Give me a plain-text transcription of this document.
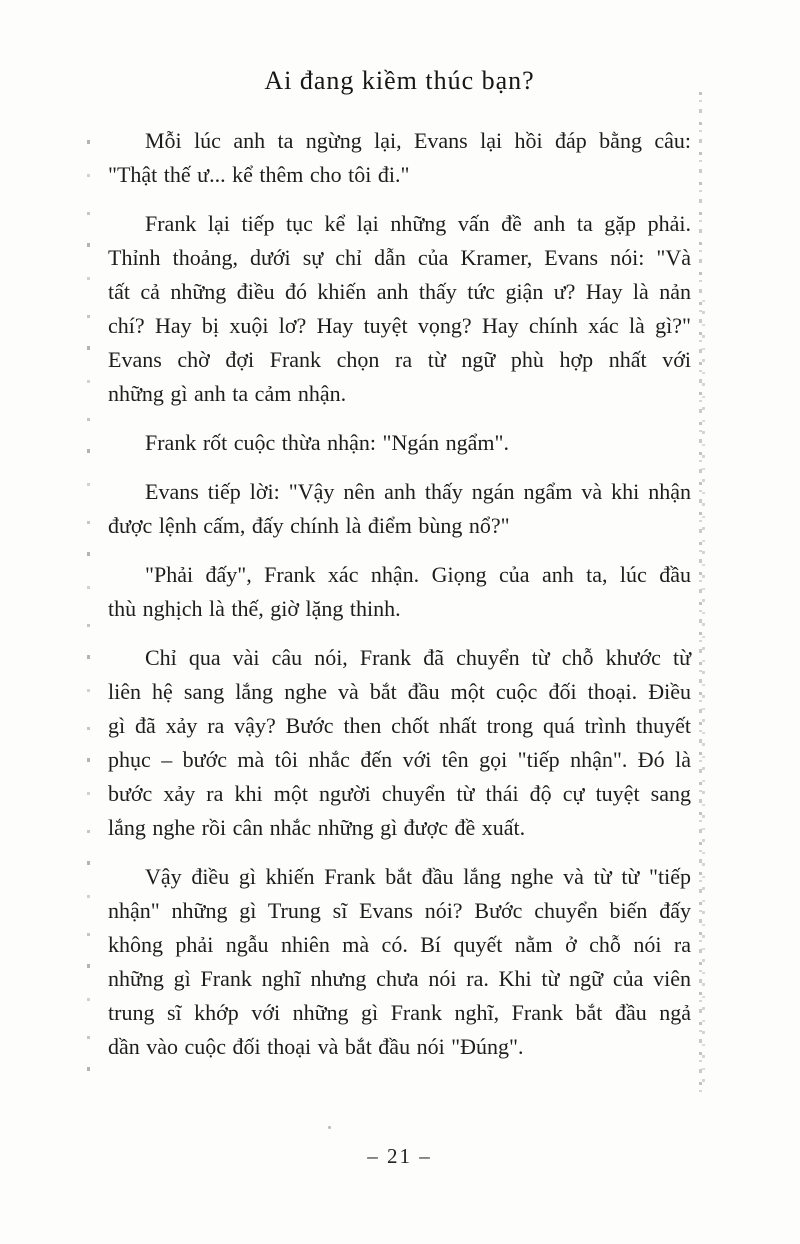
Ai đang kiềm thúc bạn?
Mỗi lúc anh ta ngừng lại, Evans lại hồi đáp bằng câu:
"Thật thế ư... kể thêm cho tôi đi."
Frank lại tiếp tục kể lại những vấn đề anh ta gặp phải.
Thỉnh thoảng, dưới sự chỉ dẫn của Kramer, Evans nói: "Và
tất cả những điều đó khiến anh thấy tức giận ư? Hay là nản
chí? Hay bị xuội lơ? Hay tuyệt vọng? Hay chính xác là gì?"
Evans chờ đợi Frank chọn ra từ ngữ phù hợp nhất với
những gì anh ta cảm nhận.
Frank rốt cuộc thừa nhận: "Ngán ngẩm".
Evans tiếp lời: "Vậy nên anh thấy ngán ngẩm và khi nhận
được lệnh cấm, đấy chính là điểm bùng nổ?"
"Phải đấy", Frank xác nhận. Giọng của anh ta, lúc đầu
thù nghịch là thế, giờ lặng thinh.
Chỉ qua vài câu nói, Frank đã chuyển từ chỗ khước từ
liên hệ sang lắng nghe và bắt đầu một cuộc đối thoại. Điều
gì đã xảy ra vậy? Bước then chốt nhất trong quá trình thuyết
phục – bước mà tôi nhắc đến với tên gọi "tiếp nhận". Đó là
bước xảy ra khi một người chuyển từ thái độ cự tuyệt sang
lắng nghe rồi cân nhắc những gì được đề xuất.
Vậy điều gì khiến Frank bắt đầu lắng nghe và từ từ "tiếp
nhận" những gì Trung sĩ Evans nói? Bước chuyển biến đấy
không phải ngẫu nhiên mà có. Bí quyết nằm ở chỗ nói ra
những gì Frank nghĩ nhưng chưa nói ra. Khi từ ngữ của viên
trung sĩ khớp với những gì Frank nghĩ, Frank bắt đầu ngả
dần vào cuộc đối thoại và bắt đầu nói "Đúng".
– 21 –
